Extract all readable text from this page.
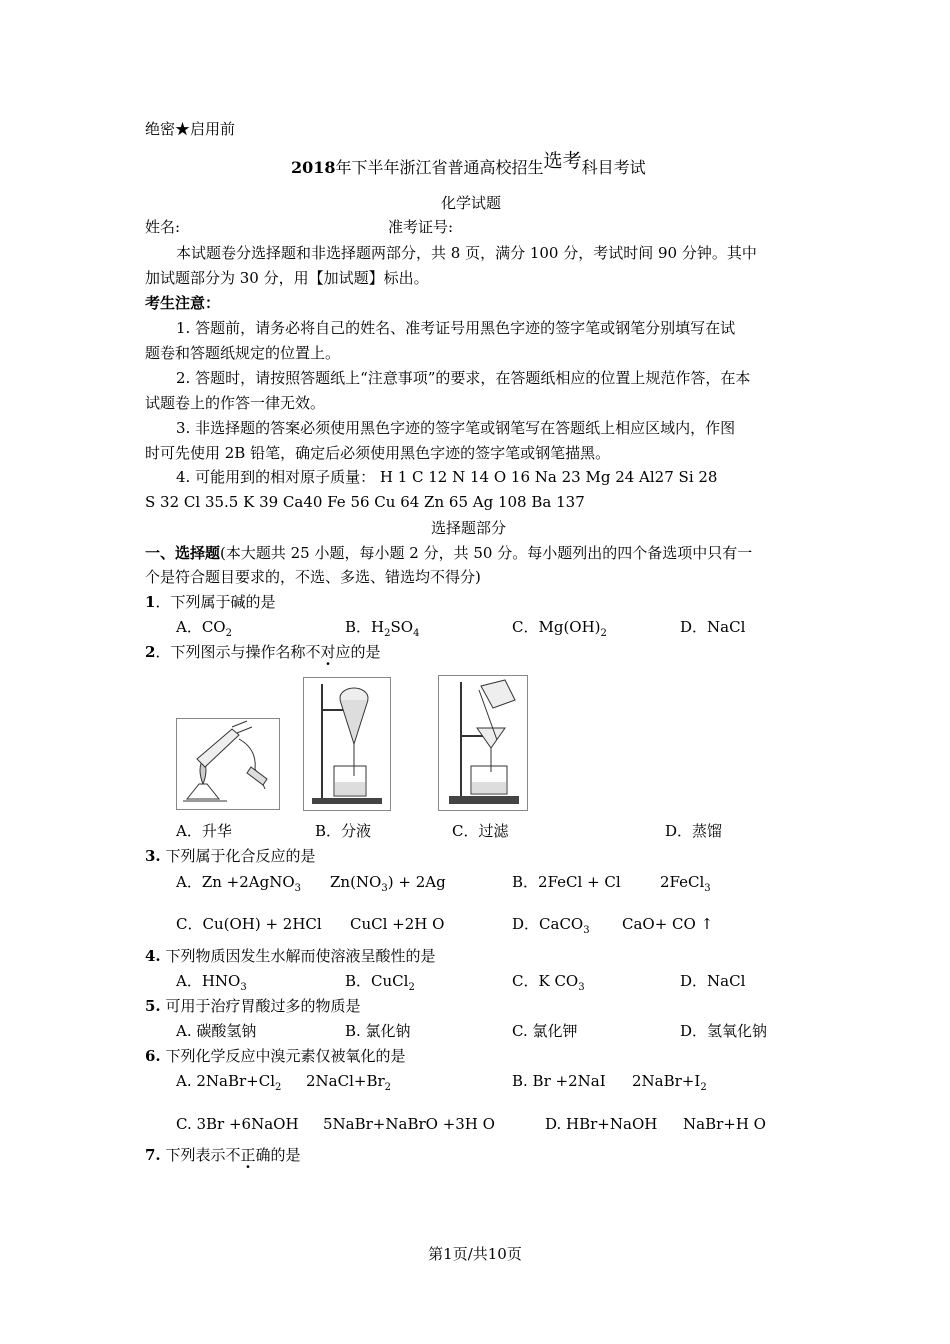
绝密★启用前
2018年下半年浙江省普通高校招生选考科目考试
化学试题
姓名:	准考证号:
本试题卷分选择题和非选择题两部分，共 8 页，满分 100 分，考试时间 90 分钟。其中
加试题部分为 30 分，用【加试题】标出。
考生注意：
1. 答题前，请务必将自己的姓名、准考证号用黑色字迹的签字笔或钢笔分别填写在试
题卷和答题纸规定的位置上。
2. 答题时，请按照答题纸上“注意事项”的要求，在答题纸相应的位置上规范作答，在本
试题卷上的作答一律无效。
3. 非选择题的答案必须使用黑色字迹的签字笔或钢笔写在答题纸上相应区域内，作图
时可先使用 2B 铅笔，确定后必须使用黑色字迹的签字笔或钢笔描黑。
4. 可能用到的相对原子质量： H 1 C 12 N 14 O 16 Na 23 Mg 24 Al27 Si 28
S 32 Cl 35.5 K 39 Ca40 Fe 56 Cu 64 Zn 65 Ag 108 Ba 137
选择题部分
一、选择题(本大题共 25 小题，每小题 2 分，共 50 分。每小题列出的四个备选项中只有一
个是符合题目要求的，不选、多选、错选均不得分)
1．下列属于碱的是
A．$CO_2$	B．$H_2SO_4$	C．$Mg(OH)_2$	D．NaCl
2．下列图示与操作名称不对应的是
A．升华	B．分液	C．过滤	D．蒸馏
3. 下列属于化合反应的是
A．Zn +2AgNO$_3$ $Zn(NO_3) + 2Ag$	B．2FeCl + Cl	2FeCl$_3$
C．Cu(OH) + 2HCl CuCl +2H O	D．CaCO$_3$ CaO+ CO ↑
4. 下列物质因发生水解而使溶液呈酸性的是
A．$HNO_3$	B．CuCl$_2$	C．K $CO_3$	D．NaCl
5. 可用于治疗胃酸过多的物质是
A. 碳酸氢钠	B. 氯化钠	C. 氯化钾	D．氢氧化钠
6. 下列化学反应中溴元素仅被氧化的是
A. $2NaBr+Cl_2$ $2NaCl+Br_2$	B. Br +2NaI $2NaBr+I_2$
C. 3Br +6NaOH 5NaBr+NaBrO +3H O	D. HBr+NaOH NaBr+H O
7. 下列表示不正确的是
第1页/共10页
